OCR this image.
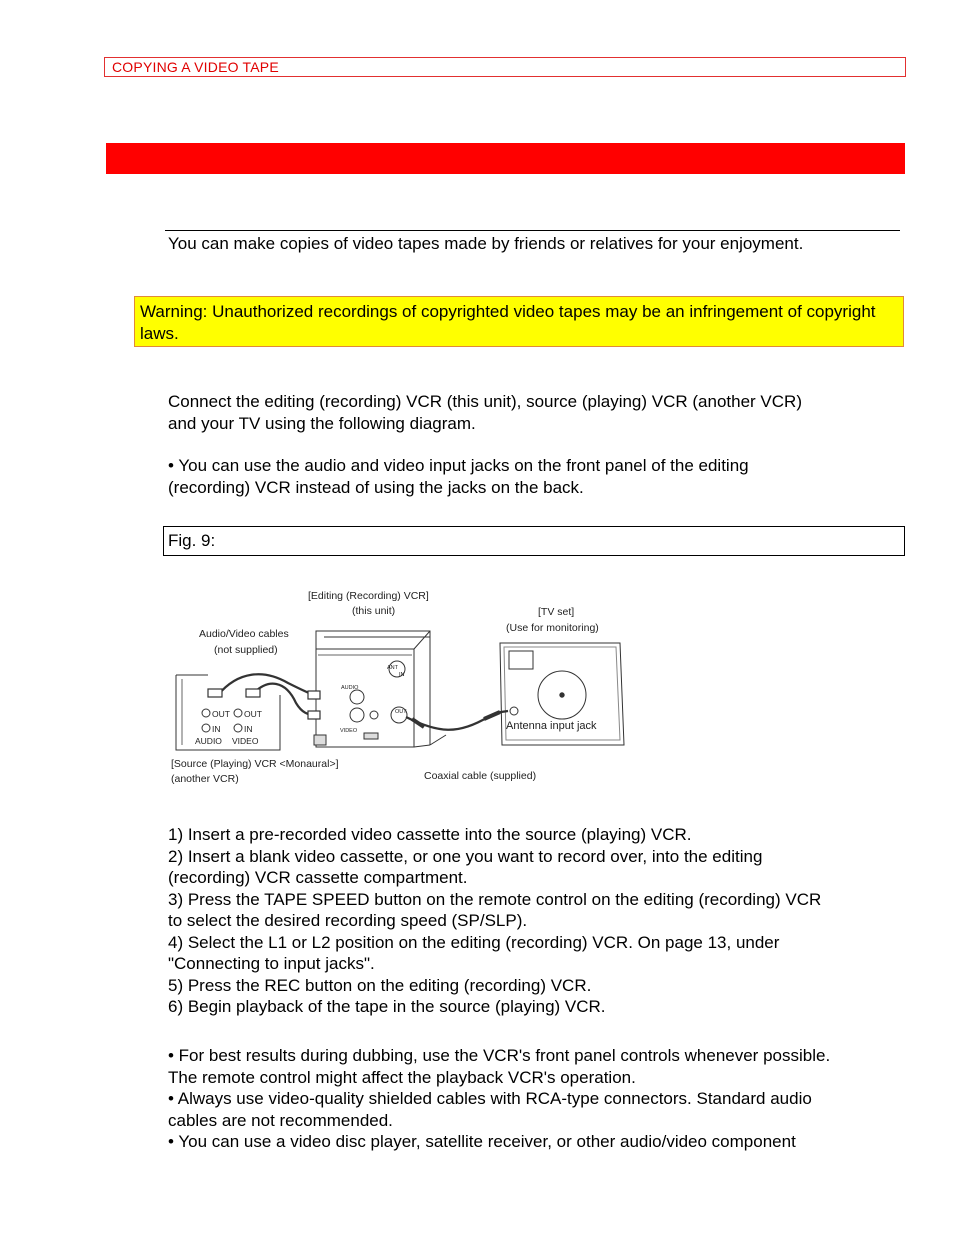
COPYING A VIDEO TAPE
You can make copies of video tapes made by friends or relatives for your enjoyment.
Warning: Unauthorized recordings of copyrighted video tapes may be an infringement of copyright laws.
Connect the editing (recording) VCR (this unit), source (playing) VCR (another VCR)
and your TV using the following diagram.
• You can use the audio and video input jacks on the front panel of the editing
(recording) VCR instead of using the jacks on the back.
Fig. 9:
[Editing (Recording) VCR]
(this unit)	[TV set]
(Use for monitoring)
Audio/Video cables
(not supplied)
ANT
IN
AUDIO
VIDEO
OUT
OUT OUT
IN	IN
AUDIO VIDEO
Antenna input jack
[Source (Playing) VCR <Monaural>]
(another VCR)	Coaxial cable (supplied)
1) Insert a pre-recorded video cassette into the source (playing) VCR.
2) Insert a blank video cassette, or one you want to record over, into the editing
(recording) VCR cassette compartment.
3) Press the TAPE SPEED button on the remote control on the editing (recording) VCR
to select the desired recording speed (SP/SLP).
4) Select the L1 or L2 position on the editing (recording) VCR. On page 13, under
"Connecting to input jacks".
5) Press the REC button on the editing (recording) VCR.
6) Begin playback of the tape in the source (playing) VCR.
• For best results during dubbing, use the VCR's front panel controls whenever possible.
The remote control might affect the playback VCR's operation.
• Always use video-quality shielded cables with RCA-type connectors. Standard audio
cables are not recommended.
• You can use a video disc player, satellite receiver, or other audio/video component
